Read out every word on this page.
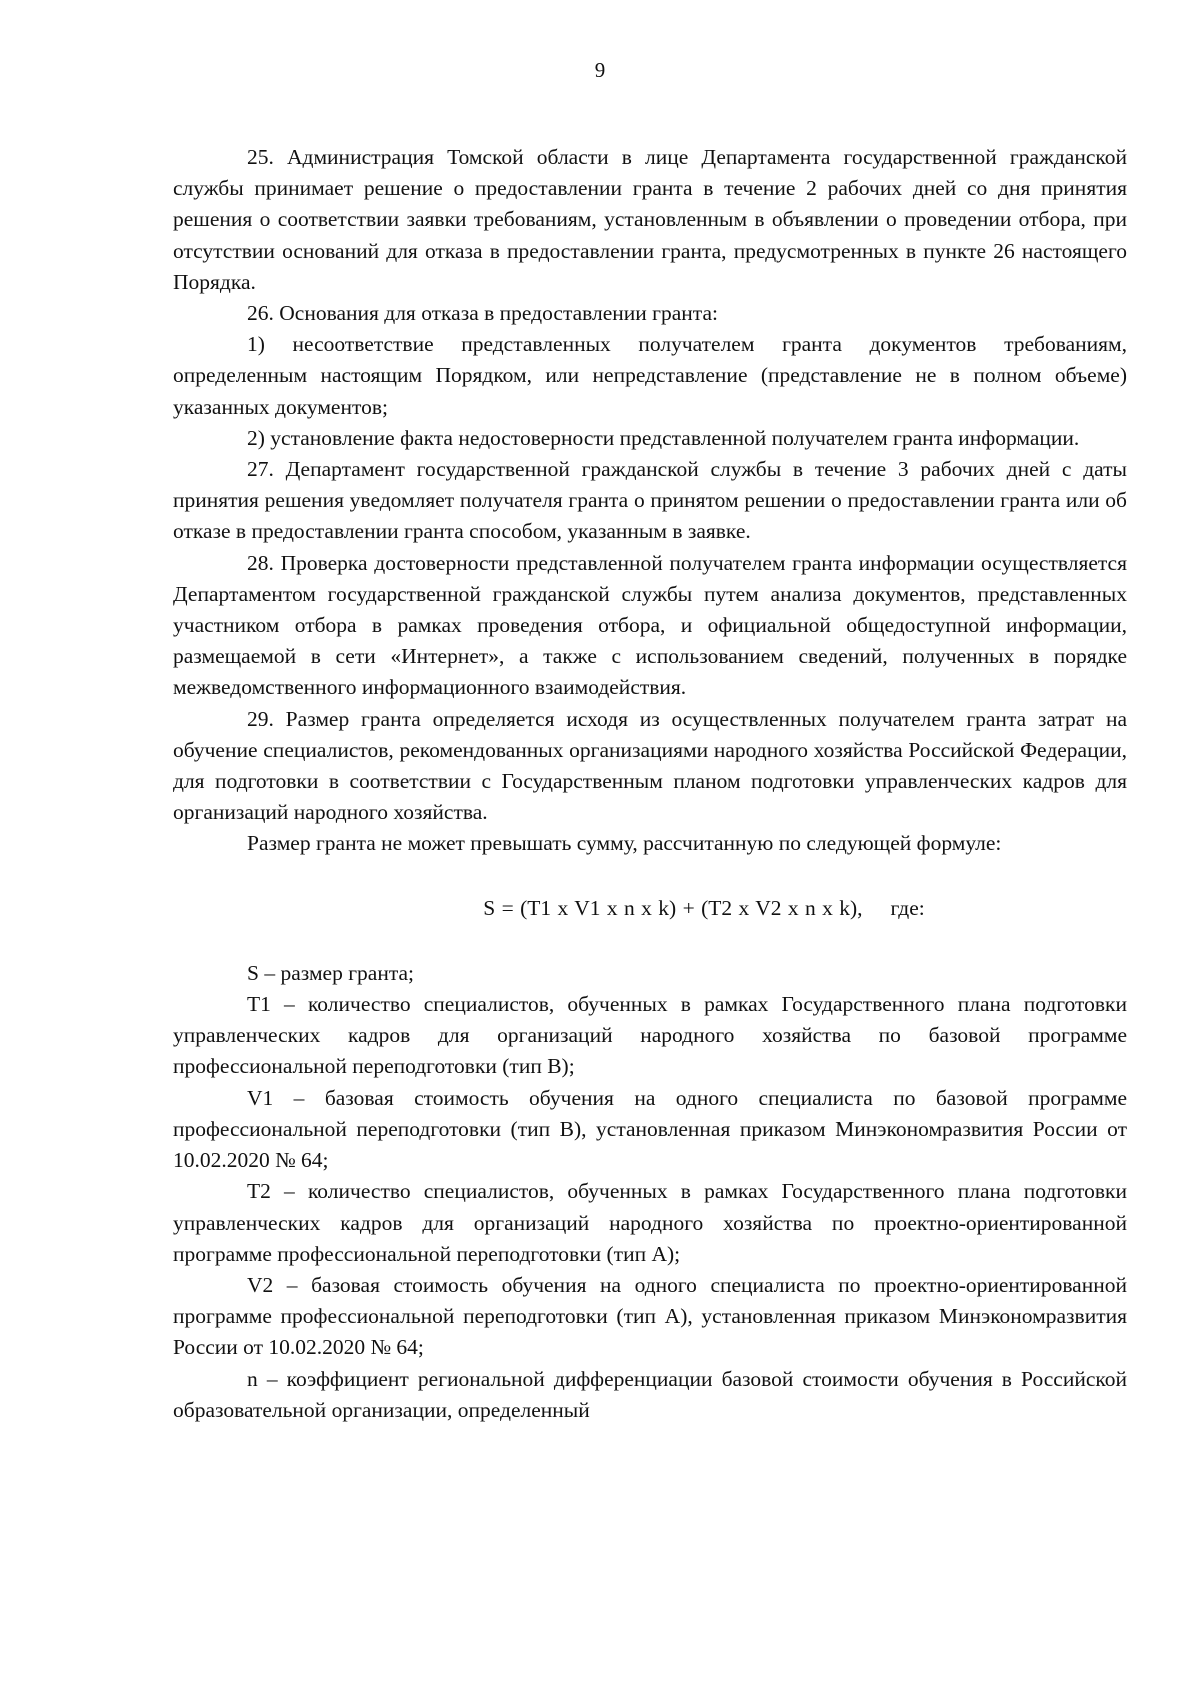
9

25. Администрация Томской области в лице Департамента государственной гражданской службы принимает решение о предоставлении гранта в течение 2 рабочих дней со дня принятия решения о соответствии заявки требованиям, установленным в объявлении о проведении отбора, при отсутствии оснований для отказа в предоставлении гранта, предусмотренных в пункте 26 настоящего Порядка.

26. Основания для отказа в предоставлении гранта:

1) несоответствие представленных получателем гранта документов требованиям, определенным настоящим Порядком, или непредставление (представление не в полном объеме) указанных документов;

2) установление факта недостоверности представленной получателем гранта информации.

27. Департамент государственной гражданской службы в течение 3 рабочих дней с даты принятия решения уведомляет получателя гранта о принятом решении о предоставлении гранта или об отказе в предоставлении гранта способом, указанным в заявке.

28. Проверка достоверности представленной получателем гранта информации осуществляется Департаментом государственной гражданской службы путем анализа документов, представленных участником отбора в рамках проведения отбора, и официальной общедоступной информации, размещаемой в сети «Интернет», а также с использованием сведений, полученных в порядке межведомственного информационного взаимодействия.

29. Размер гранта определяется исходя из осуществленных получателем гранта затрат на обучение специалистов, рекомендованных организациями народного хозяйства Российской Федерации, для подготовки в соответствии с Государственным планом подготовки управленческих кадров для организаций народного хозяйства.

Размер гранта не может превышать сумму, рассчитанную по следующей формуле:

S = (T1 x V1 x n x k) + (T2 x V2 x n x k), где:

S – размер гранта;

T1 – количество специалистов, обученных в рамках Государственного плана подготовки управленческих кадров для организаций народного хозяйства по базовой программе профессиональной переподготовки (тип B);

V1 – базовая стоимость обучения на одного специалиста по базовой программе профессиональной переподготовки (тип B), установленная приказом Минэкономразвития России от 10.02.2020 № 64;

T2 – количество специалистов, обученных в рамках Государственного плана подготовки управленческих кадров для организаций народного хозяйства по проектно-ориентированной программе профессиональной переподготовки (тип А);

V2 – базовая стоимость обучения на одного специалиста по проектно-ориентированной программе профессиональной переподготовки (тип А), установленная приказом Минэкономразвития России от 10.02.2020 № 64;

n – коэффициент региональной дифференциации базовой стоимости обучения в Российской образовательной организации, определенный
